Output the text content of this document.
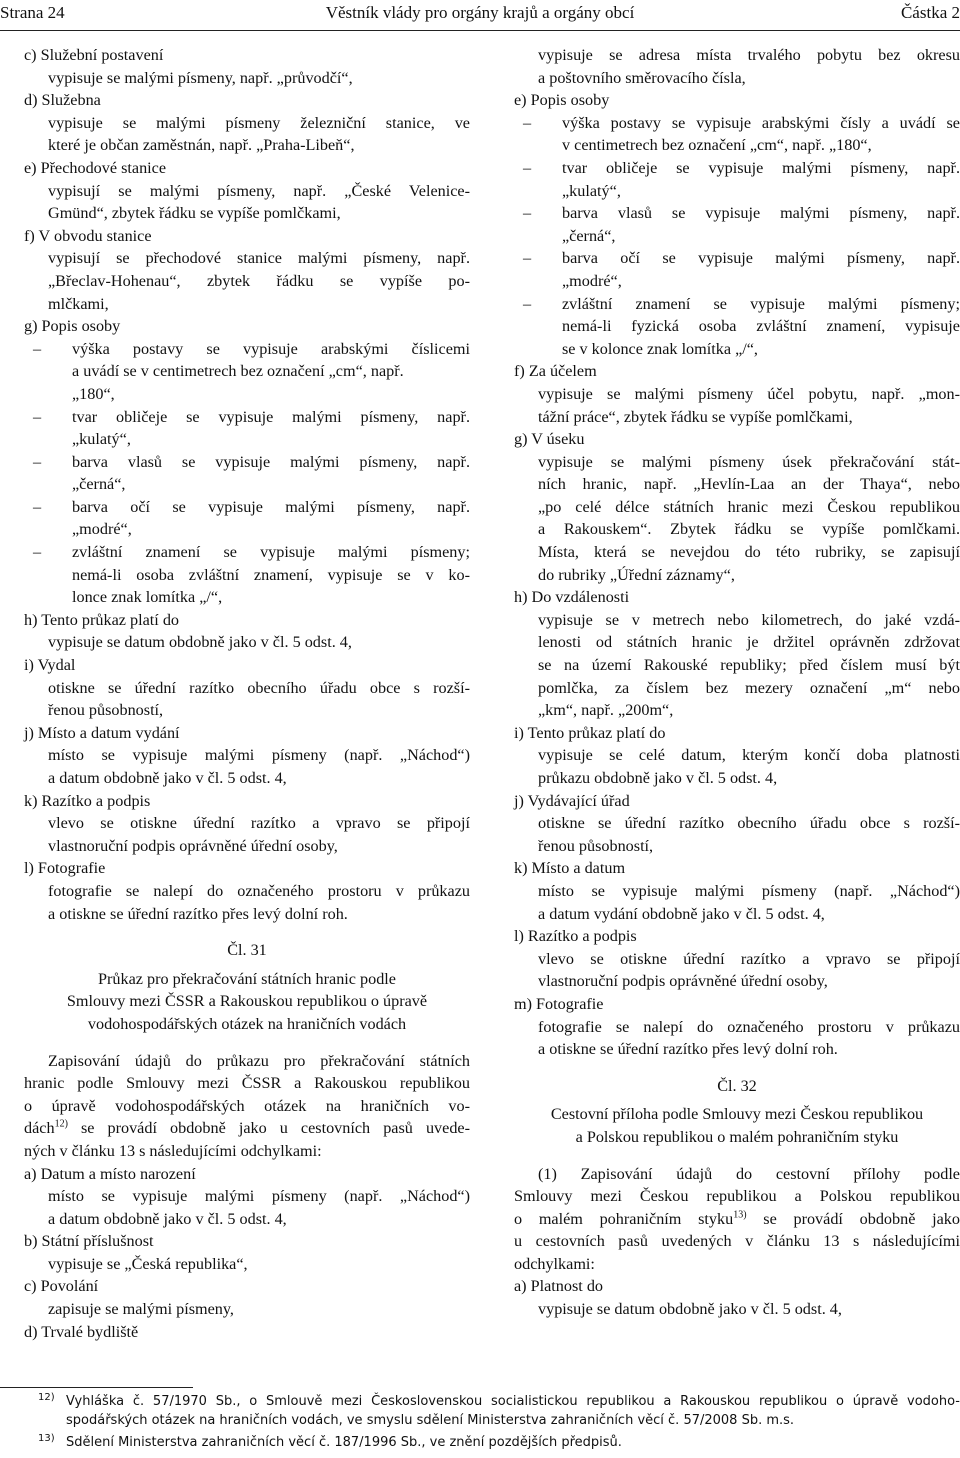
Věstník vlády pro orgány krajů a orgány obcí
Strana 24	Částka 2
c) Služební postavení
vypisuje se malými písmeny, např. „průvodčí“,
d) Služebna
vypisuje se malými písmeny železniční stanice, ve
které je občan zaměstnán, např. „Praha-Libeň“,
e) Přechodové stanice
vypisují se malými písmeny, např. „České Velenice-
Gmünd“, zbytek řádku se vypíše pomlčkami,
f) V obvodu stanice
vypisují se přechodové stanice malými písmeny, např.
„Břeclav-Hohenau“, zbytek řádku se vypíše po-
mlčkami,
g) Popis osoby
– výška postavy se vypisuje arabskými číslicemi
a uvádí se v centimetrech bez označení „cm“, např.
„180“,
– tvar obličeje se vypisuje malými písmeny, např.
„kulatý“,
– barva vlasů se vypisuje malými písmeny, např.
„černá“,
– barva očí se vypisuje malými písmeny, např.
„modré“,
– zvláštní znamení se vypisuje malými písmeny;
nemá-li osoba zvláštní znamení, vypisuje se v ko-
lonce znak lomítka „/“,
h) Tento průkaz platí do
vypisuje se datum obdobně jako v čl. 5 odst. 4,
i) Vydal
otiskne se úřední razítko obecního úřadu obce s rozší-
řenou působností,
j) Místo a datum vydání
místo se vypisuje malými písmeny (např. „Náchod“)
a datum obdobně jako v čl. 5 odst. 4,
k) Razítko a podpis
vlevo se otiskne úřední razítko a vpravo se připojí
vlastnoruční podpis oprávněné úřední osoby,
l) Fotografie
fotografie se nalepí do označeného prostoru v průkazu
a otiskne se úřední razítko přes levý dolní roh.
Čl. 31
Průkaz pro překračování státních hranic podle
Smlouvy mezi ČSSR a Rakouskou republikou o úpravě
vodohospodářských otázek na hraničních vodách
Zapisování údajů do průkazu pro překračování státních
hranic podle Smlouvy mezi ČSSR a Rakouskou republikou
o úpravě vodohospodářských otázek na hraničních vo-
dách$^{12)}$ se provádí obdobně jako u cestovních pasů uvede-
ných v článku 13 s následujícími odchylkami:
a) Datum a místo narození
místo se vypisuje malými písmeny (např. „Náchod“)
a datum obdobně jako v čl. 5 odst. 4,
b) Státní příslušnost
vypisuje se „Česká republika“,
c) Povolání
zapisuje se malými písmeny,
d) Trvalé bydliště
vypisuje se adresa místa trvalého pobytu bez okresu
a poštovního směrovacího čísla,
e) Popis osoby
– výška postavy se vypisuje arabskými čísly a uvádí se
v centimetrech bez označení „cm“, např. „180“,
– tvar obličeje se vypisuje malými písmeny, např.
„kulatý“,
– barva vlasů se vypisuje malými písmeny, např.
„černá“,
– barva očí se vypisuje malými písmeny, např.
„modré“,
– zvláštní znamení se vypisuje malými písmeny;
nemá-li fyzická osoba zvláštní znamení, vypisuje
se v kolonce znak lomítka „/“,
f) Za účelem
vypisuje se malými písmeny účel pobytu, např. „mon-
tážní práce“, zbytek řádku se vypíše pomlčkami,
g) V úseku
vypisuje se malými písmeny úsek překračování stát-
ních hranic, např. „Hevlín-Laa an der Thaya“, nebo
„po celé délce státních hranic mezi Českou republikou
a Rakouskem“. Zbytek řádku se vypíše pomlčkami.
Místa, která se nevejdou do této rubriky, se zapisují
do rubriky „Úřední záznamy“,
h) Do vzdálenosti
vypisuje se v metrech nebo kilometrech, do jaké vzdá-
lenosti od státních hranic je držitel oprávněn zdržovat
se na území Rakouské republiky; před číslem musí být
pomlčka, za číslem bez mezery označení „m“ nebo
„km“, např. „200m“,
i) Tento průkaz platí do
vypisuje se celé datum, kterým končí doba platnosti
průkazu obdobně jako v čl. 5 odst. 4,
j) Vydávající úřad
otiskne se úřední razítko obecního úřadu obce s rozší-
řenou působností,
k) Místo a datum
místo se vypisuje malými písmeny (např. „Náchod“)
a datum vydání obdobně jako v čl. 5 odst. 4,
l) Razítko a podpis
vlevo se otiskne úřední razítko a vpravo se připojí
vlastnoruční podpis oprávněné úřední osoby,
m) Fotografie
fotografie se nalepí do označeného prostoru v průkazu
a otiskne se úřední razítko přes levý dolní roh.
Čl. 32
Cestovní příloha podle Smlouvy mezi Českou republikou
a Polskou republikou o malém pohraničním styku
(1) Zapisování údajů do cestovní přílohy podle
Smlouvy mezi Českou republikou a Polskou republikou
o malém pohraničním styku$^{13)}$ se provádí obdobně jako
u cestovních pasů uvedených v článku 13 s následujícími
odchylkami:
a) Platnost do
vypisuje se datum obdobně jako v čl. 5 odst. 4,
12) Vyhláška č. 57/1970 Sb., o Smlouvě mezi Československou socialistickou republikou a Rakouskou republikou o úpravě vodoho-
spodářských otázek na hraničních vodách, ve smyslu sdělení Ministerstva zahraničních věcí č. 57/2008 Sb. m.s.
13) Sdělení Ministerstva zahraničních věcí č. 187/1996 Sb., ve znění pozdějších předpisů.
